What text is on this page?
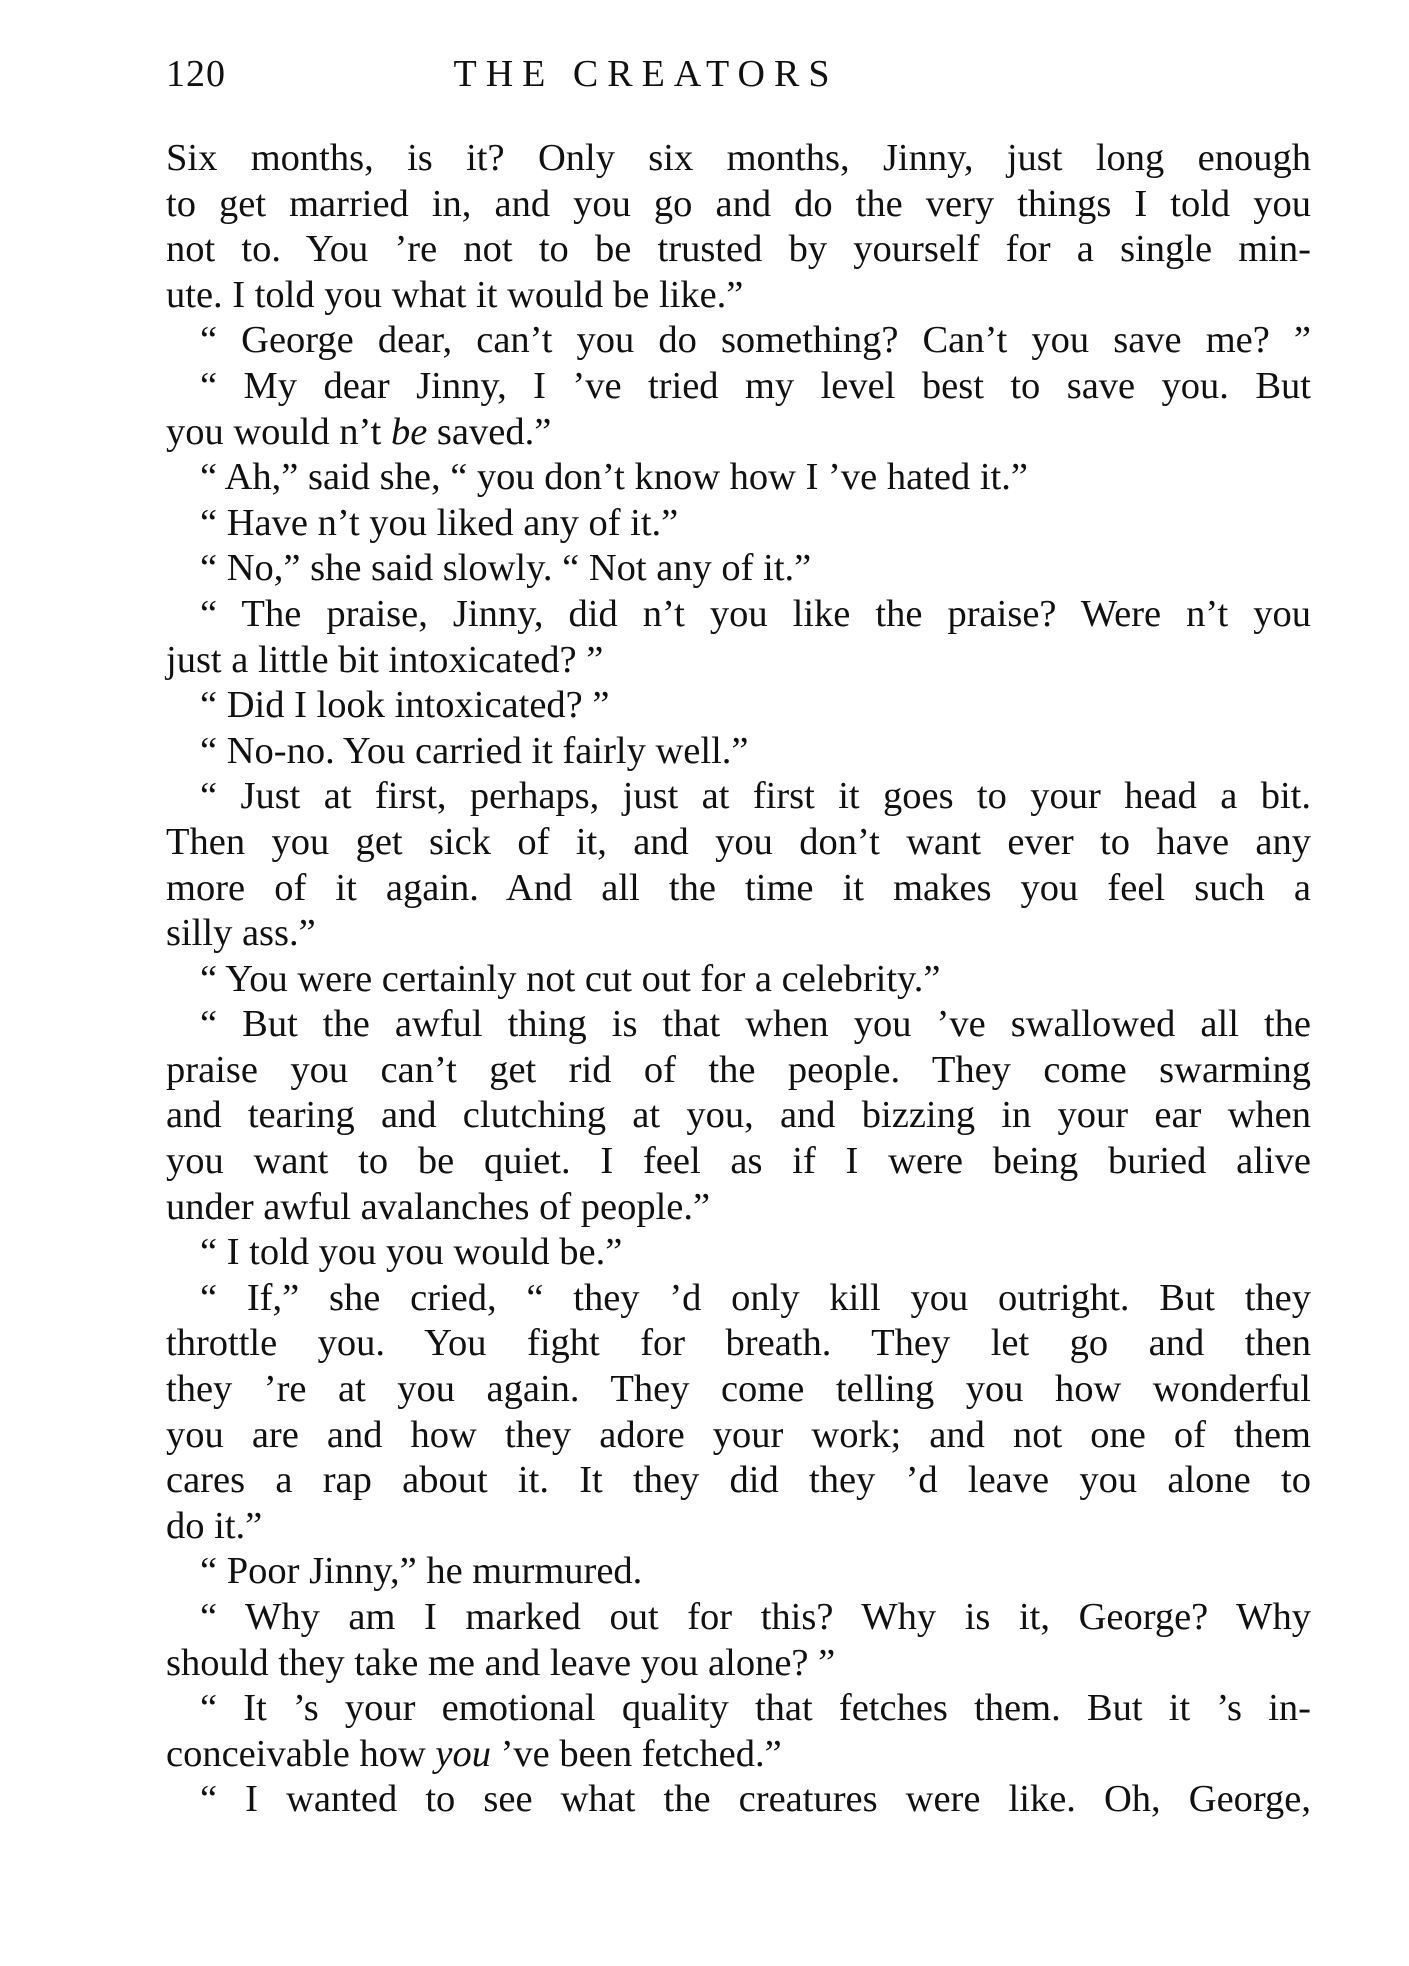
120	THE CREATORS
Six months, is it? Only six months, Jinny, just long enough
to get married in, and you go and do the very things I told you
not to. You ’re not to be trusted by yourself for a single min-
ute. I told you what it would be like.”
“ George dear, can’t you do something? Can’t you save me? ”
“ My dear Jinny, I ’ve tried my level best to save you. But
you would n’t be saved.”
“ Ah,” said she, “ you don’t know how I ’ve hated it.”
“ Have n’t you liked any of it.”
“ No,” she said slowly. “ Not any of it.”
“ The praise, Jinny, did n’t you like the praise? Were n’t you
just a little bit intoxicated? ”
“ Did I look intoxicated? ”
“ No-no. You carried it fairly well.”
“ Just at first, perhaps, just at first it goes to your head a bit.
Then you get sick of it, and you don’t want ever to have any
more of it again. And all the time it makes you feel such a
silly ass.”
“ You were certainly not cut out for a celebrity.”
“ But the awful thing is that when you ’ve swallowed all the
praise you can’t get rid of the people. They come swarming
and tearing and clutching at you, and bizzing in your ear when
you want to be quiet. I feel as if I were being buried alive
under awful avalanches of people.”
“ I told you you would be.”
“ If,” she cried, “ they ’d only kill you outright. But they
throttle you. You fight for breath. They let go and then
they ’re at you again. They come telling you how wonderful
you are and how they adore your work; and not one of them
cares a rap about it. It they did they ’d leave you alone to
do it.”
“ Poor Jinny,” he murmured.
“ Why am I marked out for this? Why is it, George? Why
should they take me and leave you alone? ”
“ It ’s your emotional quality that fetches them. But it ’s in-
conceivable how you ’ve been fetched.”
“ I wanted to see what the creatures were like. Oh, George,
